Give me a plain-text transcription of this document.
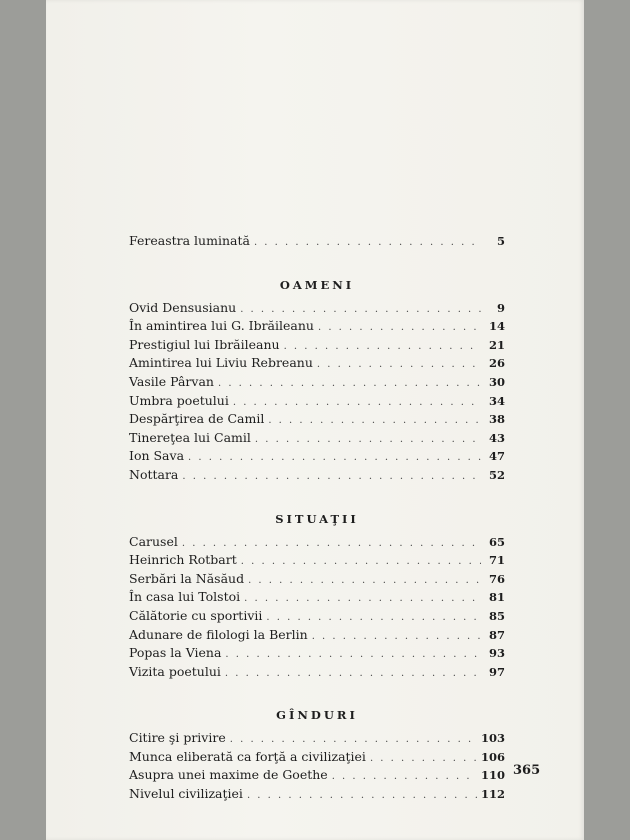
Fereastra luminată . . .	5
OAMENI
Ovid Densusianu . . .	9
În amintirea lui G. Ibrăileanu . . .	14
Prestigiul lui Ibrăileanu . . .	21
Amintirea lui Liviu Rebreanu . . .	26
Vasile Pârvan . . .	30
Umbra poetului . . .	34
Despărţirea de Camil . . .	38
Tinereţea lui Camil . . .	43
Ion Sava . . .	47
Nottara . . .	52
SITUAŢII
Carusel . . .	65
Heinrich Rotbart . . .	71
Serbări la Năsăud . . .	76
În casa lui Tolstoi . . .	81
Călătorie cu sportivii . . .	85
Adunare de filologi la Berlin . . .	87
Popas la Viena . . .	93
Vizita poetului . . .	97
GÎNDURI
Citire şi privire . . .	103
Munca eliberată ca forţă a civilizaţiei . . .	106
Asupra unei maxime de Goethe . . .	110
Nivelul civilizaţiei . . .	112
365
